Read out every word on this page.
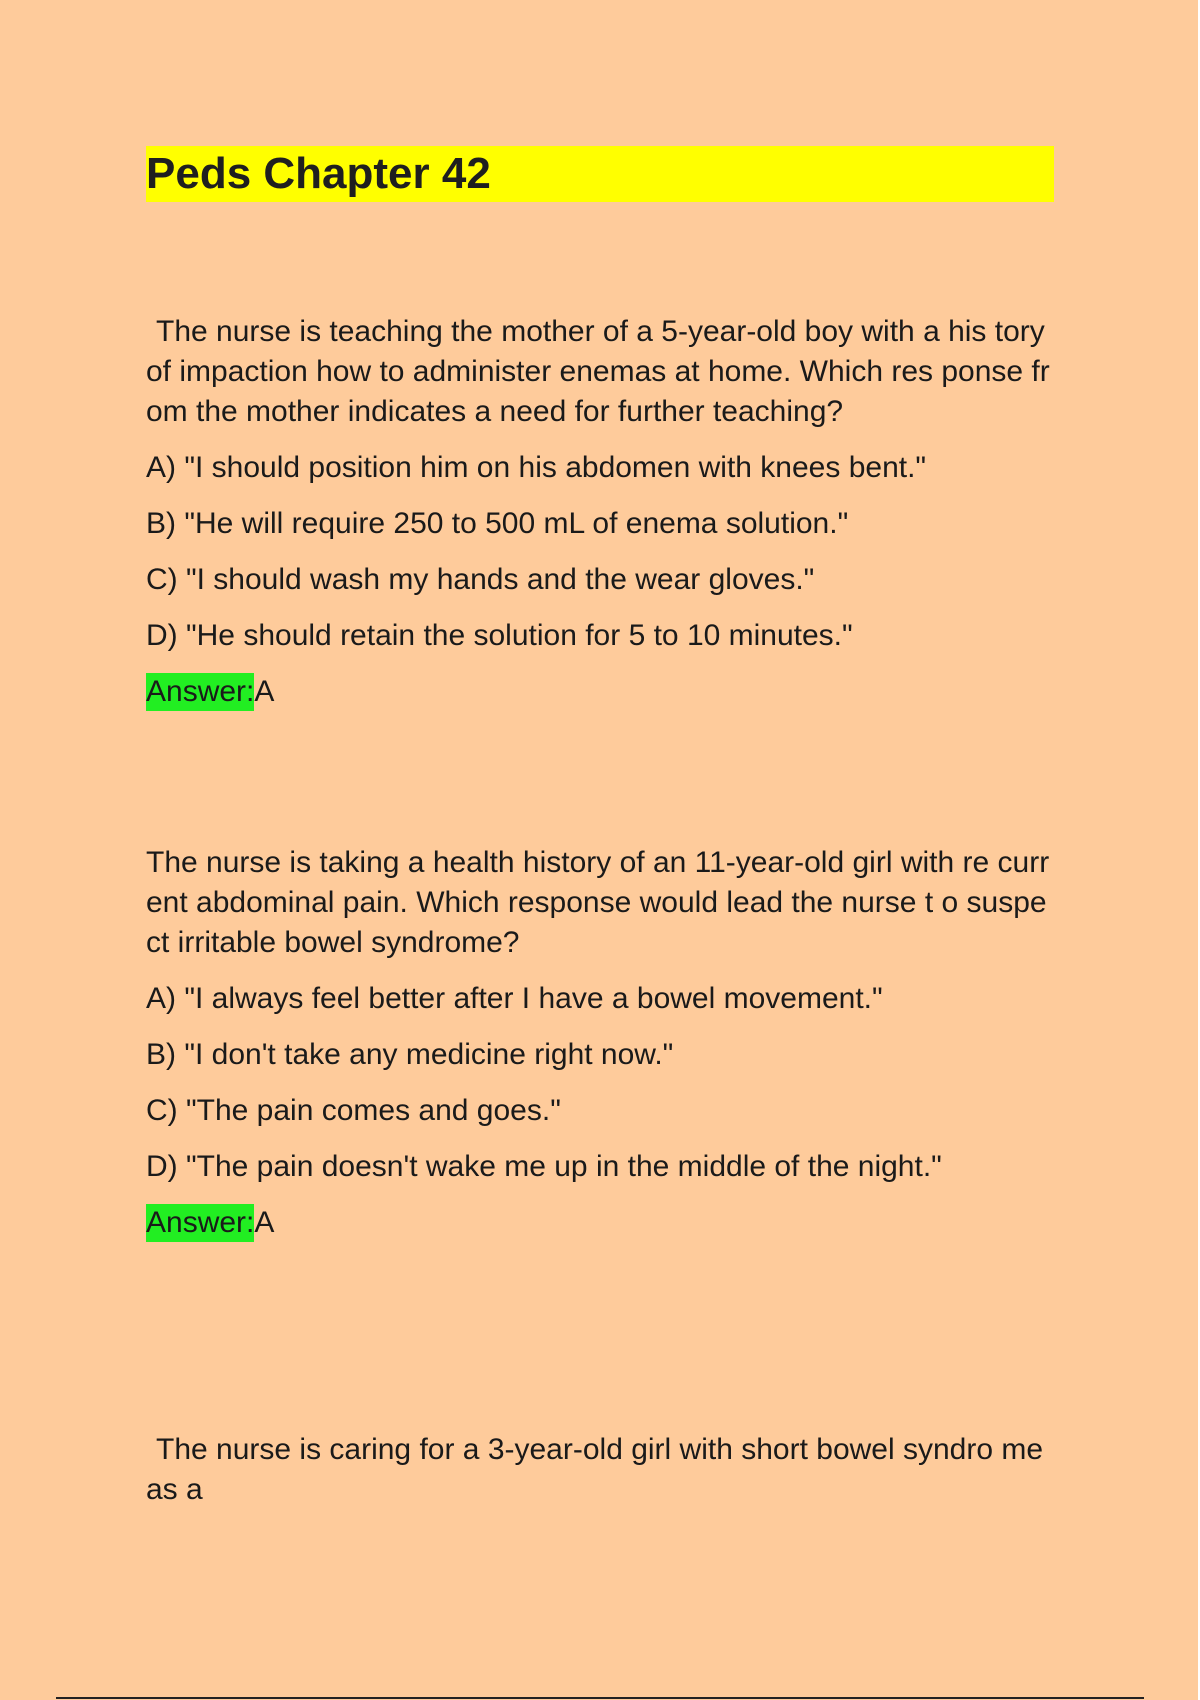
Peds Chapter 42

The nurse is teaching the mother of a 5-year-old boy with a his tory of impaction how to administer enemas at home. Which res ponse from the mother indicates a need for further teaching?

A) "I should position him on his abdomen with knees bent."

B) "He will require 250 to 500 mL of enema solution."

C) "I should wash my hands and the wear gloves."

D) "He should retain the solution for 5 to 10 minutes."

Answer:A

The nurse is taking a health history of an 11-year-old girl with re current abdominal pain. Which response would lead the nurse t o suspect irritable bowel syndrome?

A) "I always feel better after I have a bowel movement."

B) "I don't take any medicine right now."

C) "The pain comes and goes."

D) "The pain doesn't wake me up in the middle of the night."

Answer:A

The nurse is caring for a 3-year-old girl with short bowel syndro me as a
